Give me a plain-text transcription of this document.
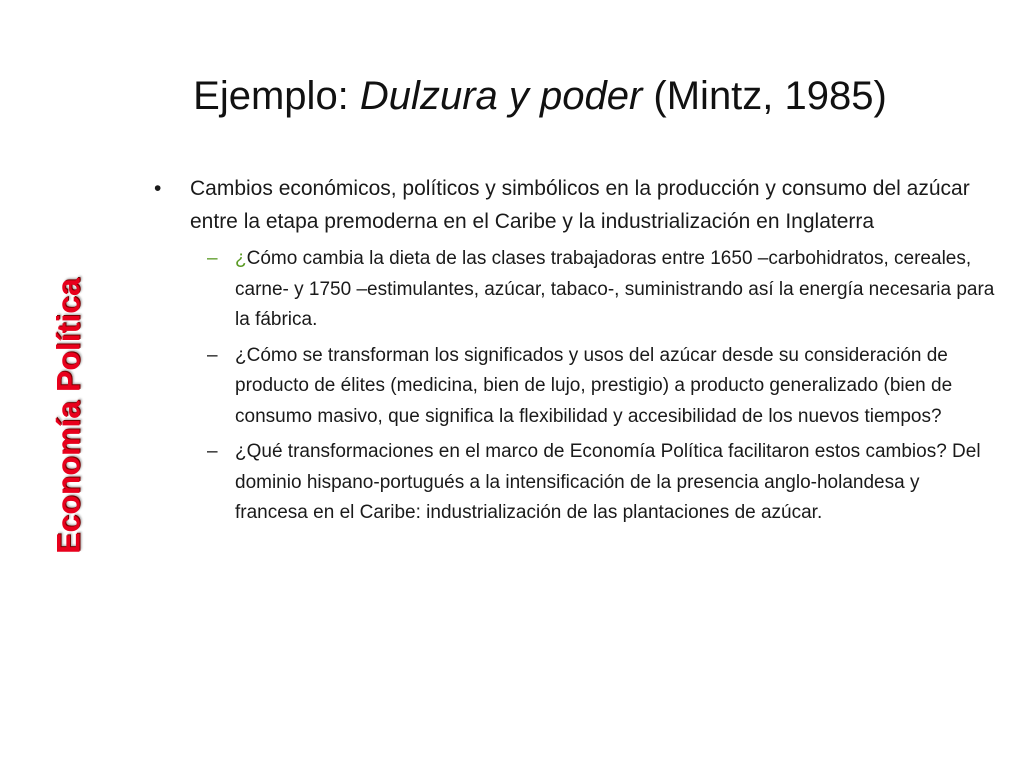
Ejemplo: Dulzura y poder (Mintz, 1985)
Economía Política
• Cambios económicos, políticos y simbólicos en la producción y consumo del azúcar entre la etapa premoderna en el Caribe y la industrialización en Inglaterra
– ¿Cómo cambia la dieta de las clases trabajadoras entre 1650 –carbohidratos, cereales, carne- y 1750 –estimulantes, azúcar, tabaco-, suministrando así la energía necesaria para la fábrica.
– ¿Cómo se transforman los significados y usos del azúcar desde su consideración de producto de élites (medicina, bien de lujo, prestigio) a producto generalizado (bien de consumo masivo, que significa la flexibilidad y accesibilidad de los nuevos tiempos?
– ¿Qué transformaciones en el marco de Economía Política facilitaron estos cambios? Del dominio hispano-portugués a la intensificación de la presencia anglo-holandesa y francesa en el Caribe: industrialización de las plantaciones de azúcar.
